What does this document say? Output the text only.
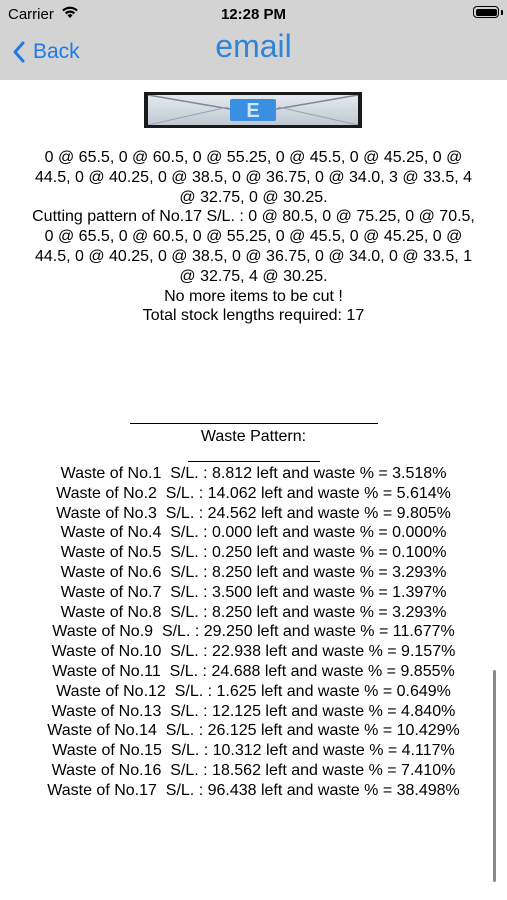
Carrier	12:28 PM
Back	email
E

0 @ 65.5, 0 @ 60.5, 0 @ 55.25, 0 @ 45.5, 0 @ 45.25, 0 @

44.5, 0 @ 40.25, 0 @ 38.5, 0 @ 36.75, 0 @ 34.0, 3 @ 33.5, 4

@ 32.75, 0 @ 30.25.

Cutting pattern of No.17 S/L. : 0 @ 80.5, 0 @ 75.25, 0 @ 70.5,

0 @ 65.5, 0 @ 60.5, 0 @ 55.25, 0 @ 45.5, 0 @ 45.25, 0 @

44.5, 0 @ 40.25, 0 @ 38.5, 0 @ 36.75, 0 @ 34.0, 0 @ 33.5, 1

@ 32.75, 4 @ 30.25.

No more items to be cut !

Total stock lengths required: 17

Waste Pattern:
Waste of No.1  S/L. : 8.812 left and waste % = 3.518%
Waste of No.2  S/L. : 14.062 left and waste % = 5.614%
Waste of No.3  S/L. : 24.562 left and waste % = 9.805%
Waste of No.4  S/L. : 0.000 left and waste % = 0.000%
Waste of No.5  S/L. : 0.250 left and waste % = 0.100%
Waste of No.6  S/L. : 8.250 left and waste % = 3.293%
Waste of No.7  S/L. : 3.500 left and waste % = 1.397%
Waste of No.8  S/L. : 8.250 left and waste % = 3.293%
Waste of No.9  S/L. : 29.250 left and waste % = 11.677%
Waste of No.10  S/L. : 22.938 left and waste % = 9.157%
Waste of No.11  S/L. : 24.688 left and waste % = 9.855%
Waste of No.12  S/L. : 1.625 left and waste % = 0.649%
Waste of No.13  S/L. : 12.125 left and waste % = 4.840%
Waste of No.14  S/L. : 26.125 left and waste % = 10.429%
Waste of No.15  S/L. : 10.312 left and waste % = 4.117%
Waste of No.16  S/L. : 18.562 left and waste % = 7.410%
Waste of No.17  S/L. : 96.438 left and waste % = 38.498%
